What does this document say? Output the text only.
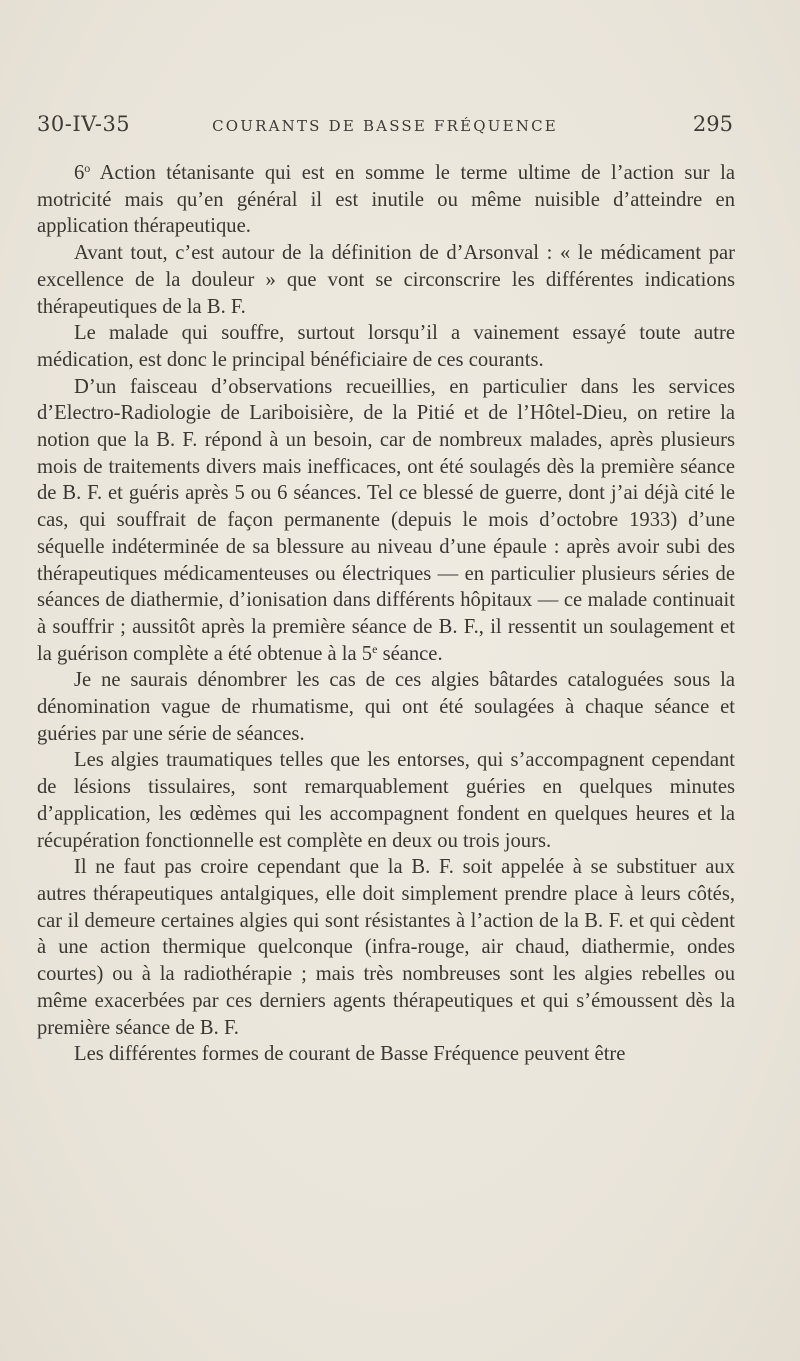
30-IV-35	COURANTS DE BASSE FRÉQUENCE	295

6$^o$ Action tétanisante qui est en somme le terme ultime de l’action sur la motricité mais qu’en général il est inutile ou même nuisible d’atteindre en application thérapeutique.

Avant tout, c’est autour de la définition de d’Arsonval : « le médicament par excellence de la douleur » que vont se circonscrire les différentes indications thérapeutiques de la B. F.

Le malade qui souffre, surtout lorsqu’il a vainement essayé toute autre médication, est donc le principal bénéficiaire de ces courants.

D’un faisceau d’observations recueillies, en particulier dans les services d’Electro-Radiologie de Lariboisière, de la Pitié et de l’Hôtel-Dieu, on retire la notion que la B. F. répond à un besoin, car de nombreux malades, après plusieurs mois de traitements divers mais inefficaces, ont été soulagés dès la première séance de B. F. et guéris après 5 ou 6 séances. Tel ce blessé de guerre, dont j’ai déjà cité le cas, qui souffrait de façon permanente (depuis le mois d’octobre 1933) d’une séquelle indéterminée de sa blessure au niveau d’une épaule : après avoir subi des thérapeutiques médicamenteuses ou électriques — en particulier plusieurs séries de séances de diathermie, d’ionisation dans différents hôpitaux — ce malade continuait à souffrir ; aussitôt après la première séance de B. F., il ressentit un soulagement et la guérison complète a été obtenue à la 5e séance.

Je ne saurais dénombrer les cas de ces algies bâtardes cataloguées sous la dénomination vague de rhumatisme, qui ont été soulagées à chaque séance et guéries par une série de séances.

Les algies traumatiques telles que les entorses, qui s’accompagnent cependant de lésions tissulaires, sont remarquablement guéries en quelques minutes d’application, les œdèmes qui les accompagnent fondent en quelques heures et la récupération fonctionnelle est complète en deux ou trois jours.

Il ne faut pas croire cependant que la B. F. soit appelée à se substituer aux autres thérapeutiques antalgiques, elle doit simplement prendre place à leurs côtés, car il demeure certaines algies qui sont résistantes à l’action de la B. F. et qui cèdent à une action thermique quelconque (infra-rouge, air chaud, diathermie, ondes courtes) ou à la radiothérapie ; mais très nombreuses sont les algies rebelles ou même exacerbées par ces derniers agents thérapeutiques et qui s’émoussent dès la première séance de B. F.

Les différentes formes de courant de Basse Fréquence peuvent être
